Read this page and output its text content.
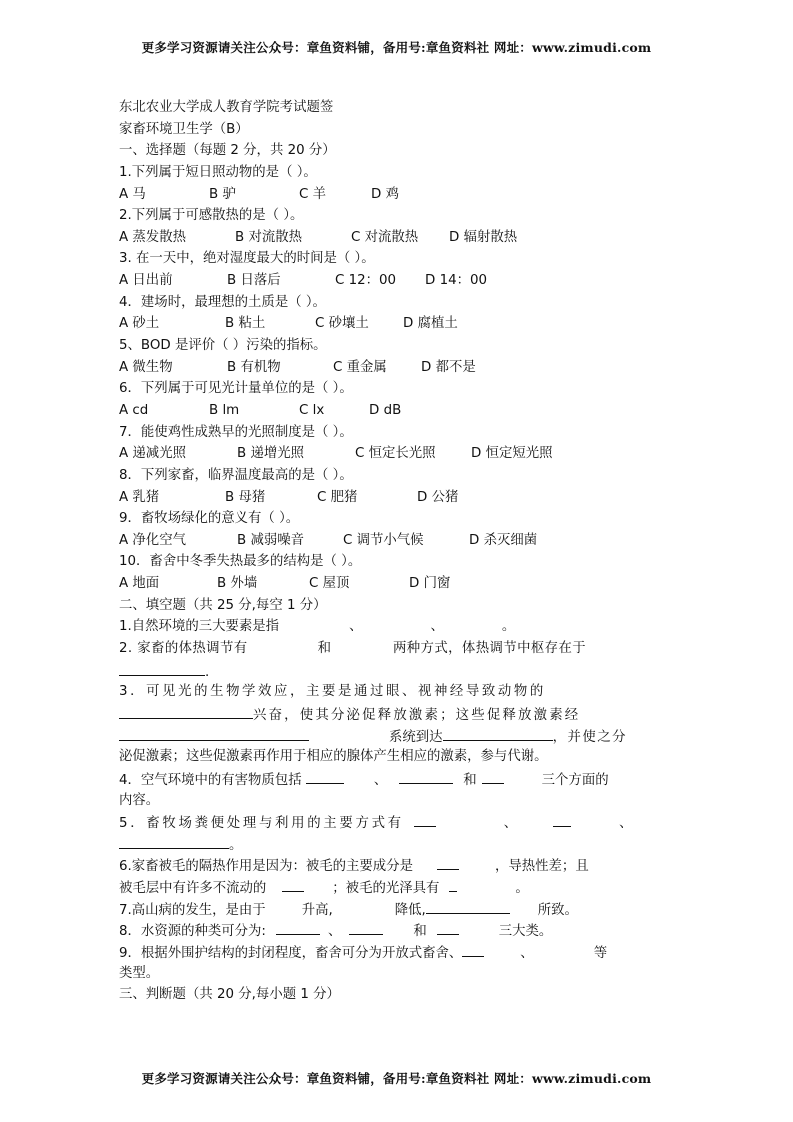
更多学习资源请关注公众号：章鱼资料铺，备用号:章鱼资料社 网址：www.zimudi.com
东北农业大学成人教育学院考试题签
家畜环境卫生学（B）
一、选择题（每题 2 分，共 20 分）
1.下列属于短日照动物的是（ ）。
A 马	B 驴	C 羊	D 鸡
2.下列属于可感散热的是（ ）。
A 蒸发散热	B 对流散热	C 对流散热	D 辐射散热
3. 在一天中，绝对湿度最大的时间是（ ）。
A 日出前	B 日落后	C 12：00	D 14：00
4．建场时，最理想的土质是（ ）。
A 砂土	B 粘土	C 砂壤土	D 腐植土
5、BOD 是评价（ ）污染的指标。
A 微生物	B 有机物	C 重金属	D 都不是
6．下列属于可见光计量单位的是（ ）。
A cd	B lm	C lx	D dB
7．能使鸡性成熟早的光照制度是（ ）。
A 递减光照	B 递增光照	C 恒定长光照	D 恒定短光照
8．下列家畜，临界温度最高的是（ ）。
A 乳猪	B 母猪	C 肥猪	D 公猪
9．畜牧场绿化的意义有（ ）。
A 净化空气	B 减弱噪音	C 调节小气候	D 杀灭细菌
10．畜舍中冬季失热最多的结构是（ ）。
A 地面	B 外墙	C 屋顶	D 门窗
二、填空题（共 25 分,每空 1 分）
1.自然环境的三大要素是指	、	、	。
2. 家畜的体热调节有	和	两种方式，体热调节中枢存在于
.
3．可见光的生物学效应，主要是通过眼、视神经导致动物的
兴奋，使其分泌促释放激素；这些促释放激素经
系统到达	，并使之分
泌促激素；这些促激素再作用于相应的腺体产生相应的激素，参与代谢。
4．空气环境中的有害物质包括	、	和	三个方面的
内容。
5．畜牧场粪便处理与利用的主要方式有	、	、
。
6.家畜被毛的隔热作用是因为：被毛的主要成分是	，导热性差；且
被毛层中有许多不流动的	；被毛的光泽具有	。
7.高山病的发生，是由于	升高,	降低,	所致。
8．水资源的种类可分为:	、	和	三大类。
9．根据外围护结构的封闭程度，畜舍可分为开放式畜舍、	、	等
类型。
三、判断题（共 20 分,每小题 1 分）
更多学习资源请关注公众号：章鱼资料铺，备用号:章鱼资料社 网址：www.zimudi.com
